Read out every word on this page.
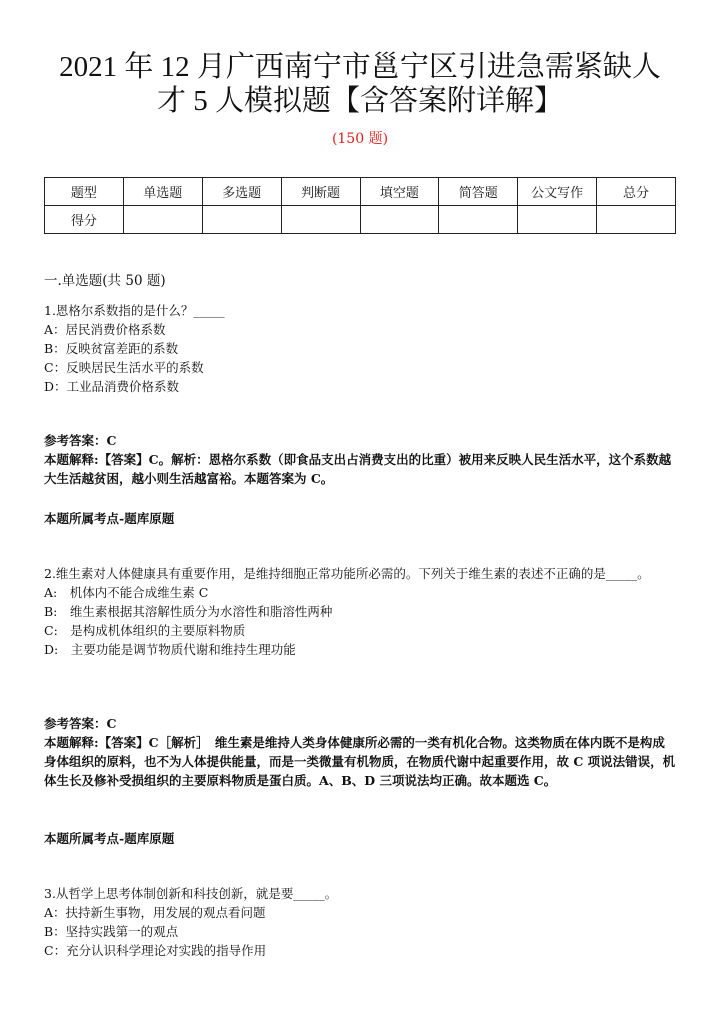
2021 年 12 月广西南宁市邕宁区引进急需紧缺人
才 5 人模拟题【含答案附详解】
(150 题)
题型	单选题	多选题	判断题	填空题	简答题	公文写作	总分
得分							
一.单选题(共 50 题)
1.恩格尔系数指的是什么？_____
A：居民消费价格系数
B：反映贫富差距的系数
C：反映居民生活水平的系数
D：工业品消费价格系数
参考答案：C
本题解释:【答案】C。解析：恩格尔系数（即食品支出占消费支出的比重）被用来反映人民生活水平，这个系数越大生活越贫困，越小则生活越富裕。本题答案为 C。
本题所属考点-题库原题
2.维生素对人体健康具有重要作用，是维持细胞正常功能所必需的。下列关于维生素的表述不正确的是_____。
A:　机体内不能合成维生素 C
B:　维生素根据其溶解性质分为水溶性和脂溶性两种
C:　是构成机体组织的主要原料物质
D:　主要功能是调节物质代谢和维持生理功能
参考答案：C
本题解释:【答案】C［解析］　维生素是维持人类身体健康所必需的一类有机化合物。这类物质在体内既不是构成身体组织的原料，也不为人体提供能量，而是一类微量有机物质，在物质代谢中起重要作用，故 C 项说法错误，机体生长及修补受损组织的主要原料物质是蛋白质。A、B、D 三项说法均正确。故本题选 C。
本题所属考点-题库原题
3.从哲学上思考体制创新和科技创新，就是要_____。
A：扶持新生事物，用发展的观点看问题
B：坚持实践第一的观点
C：充分认识科学理论对实践的指导作用
